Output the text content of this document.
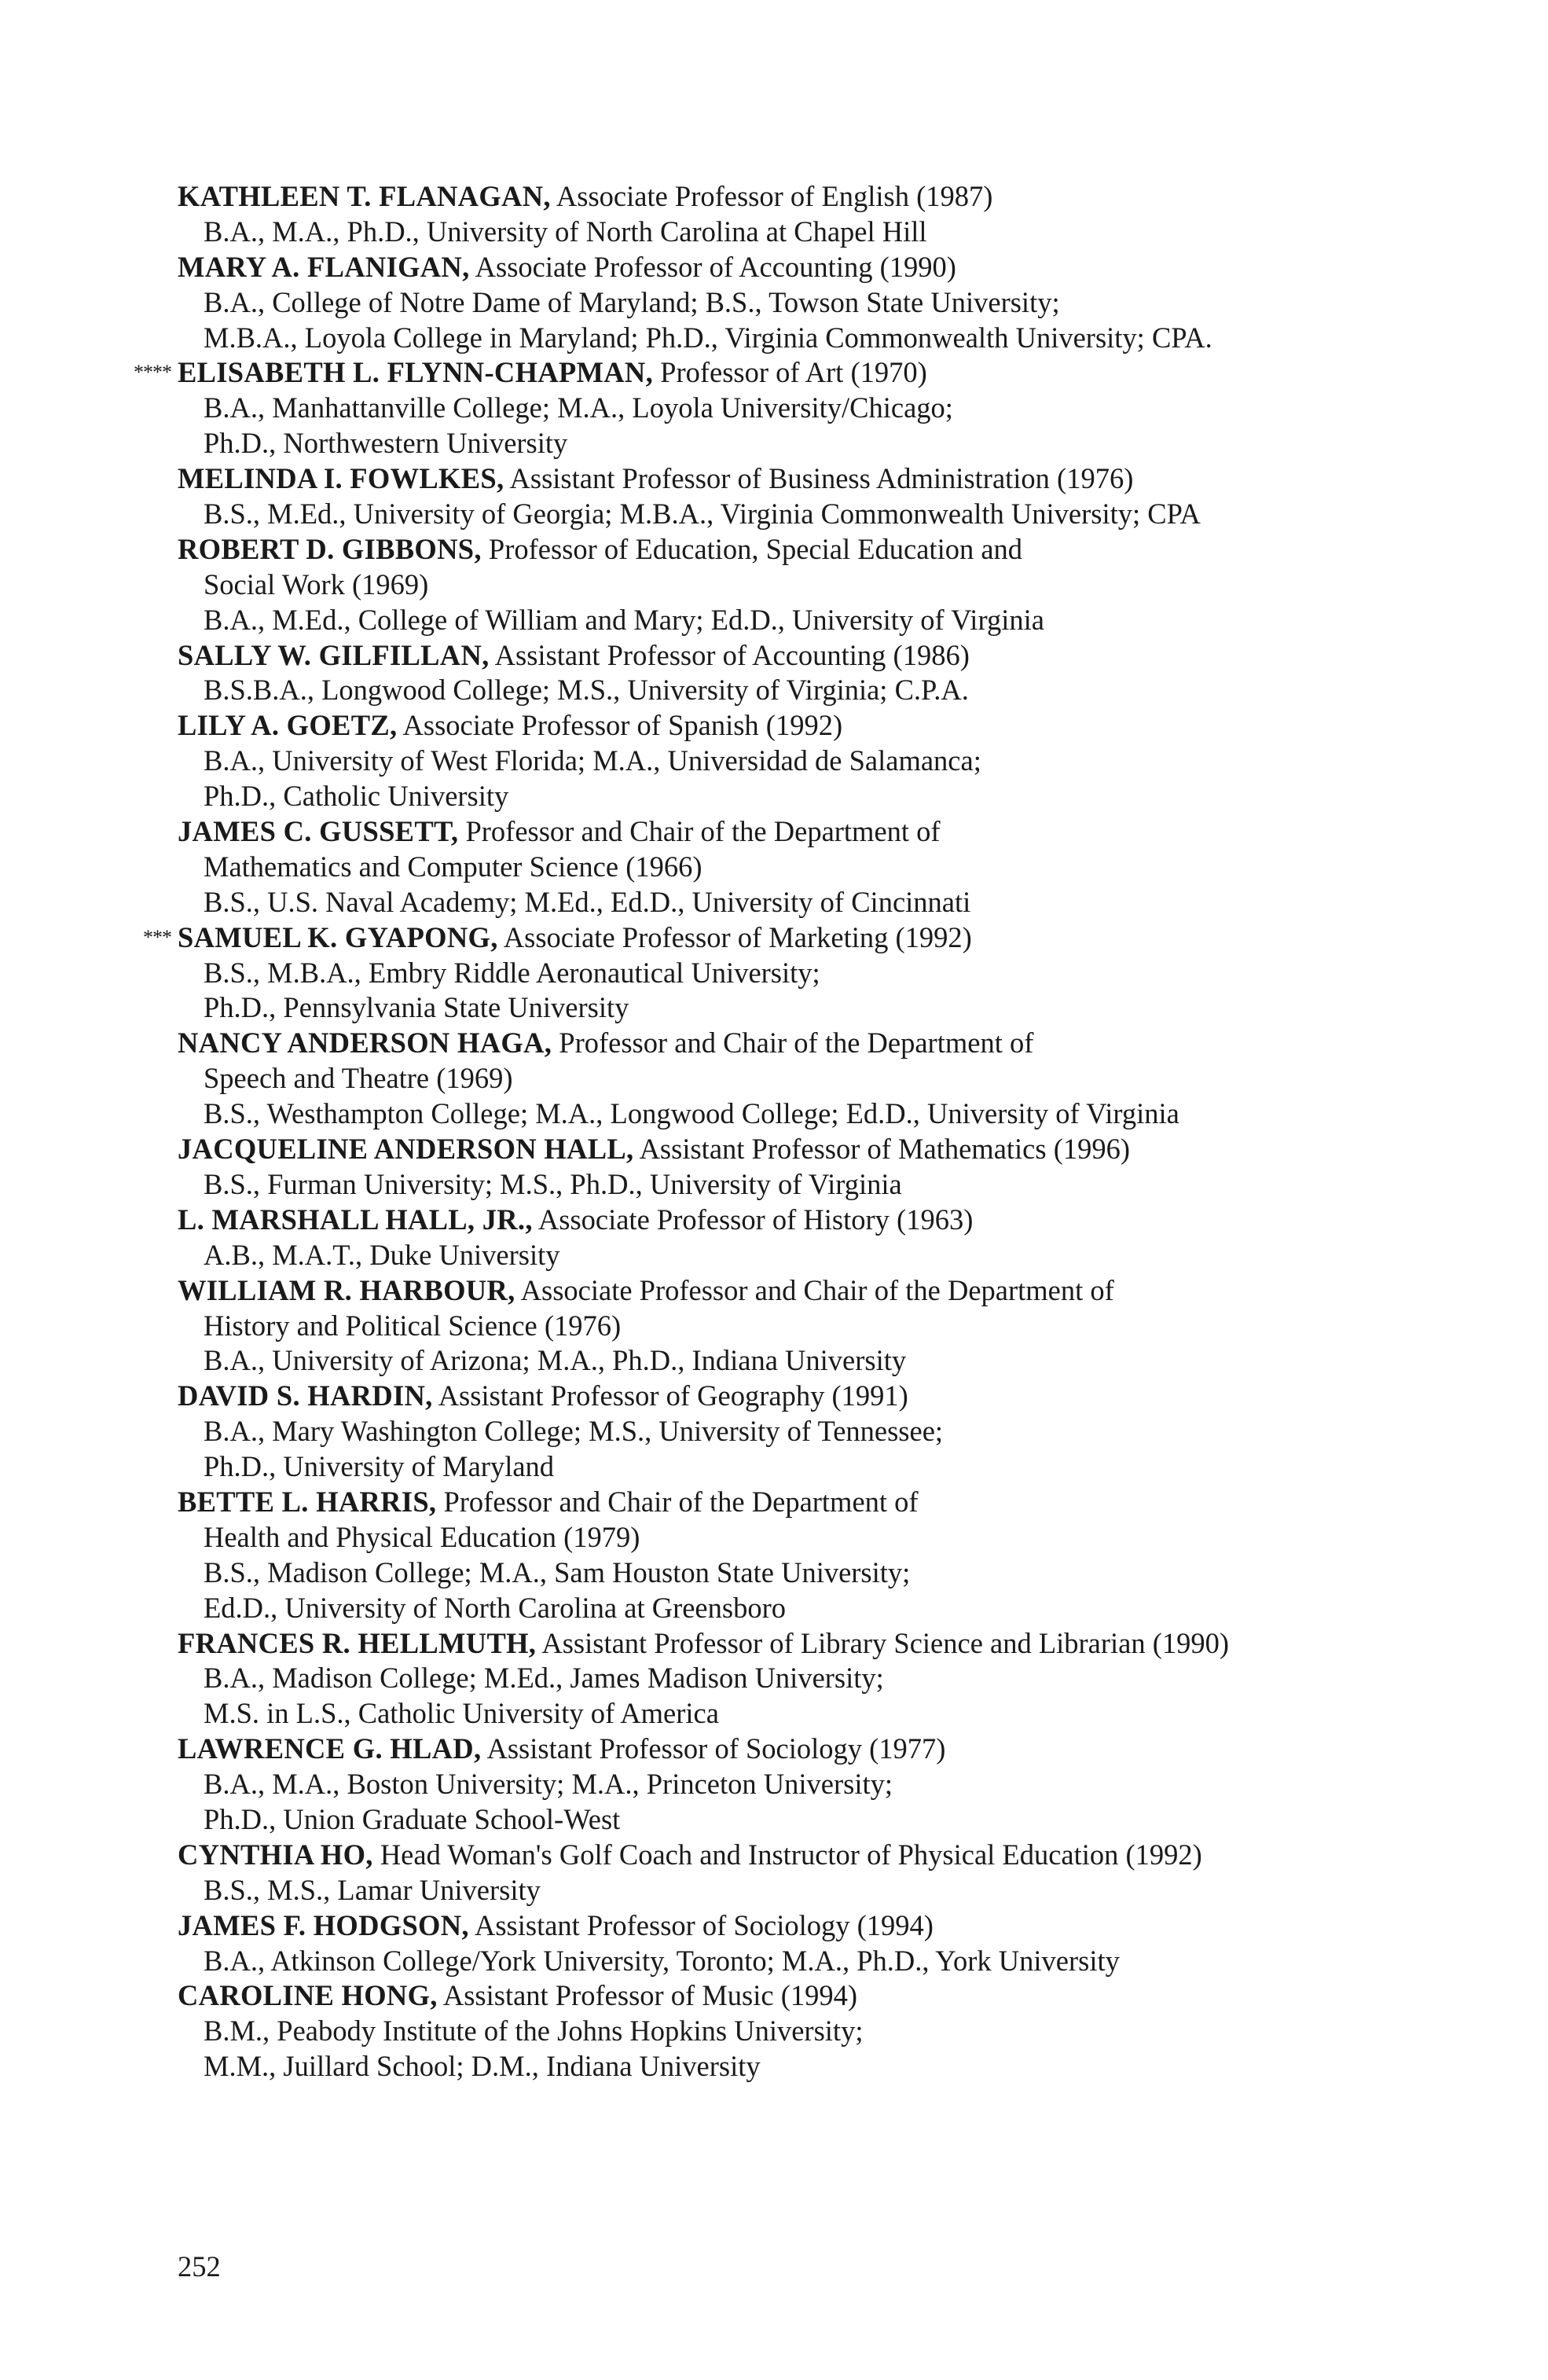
KATHLEEN T. FLANAGAN, Associate Professor of English (1987)
B.A., M.A., Ph.D., University of North Carolina at Chapel Hill
MARY A. FLANIGAN, Associate Professor of Accounting (1990)
B.A., College of Notre Dame of Maryland; B.S., Towson State University;
M.B.A., Loyola College in Maryland; Ph.D., Virginia Commonwealth University; CPA.
**** ELISABETH L. FLYNN-CHAPMAN, Professor of Art (1970)
B.A., Manhattanville College; M.A., Loyola University/Chicago;
Ph.D., Northwestern University
MELINDA I. FOWLKES, Assistant Professor of Business Administration (1976)
B.S., M.Ed., University of Georgia; M.B.A., Virginia Commonwealth University; CPA
ROBERT D. GIBBONS, Professor of Education, Special Education and
Social Work (1969)
B.A., M.Ed., College of William and Mary; Ed.D., University of Virginia
SALLY W. GILFILLAN, Assistant Professor of Accounting (1986)
B.S.B.A., Longwood College; M.S., University of Virginia; C.P.A.
LILY A. GOETZ, Associate Professor of Spanish (1992)
B.A., University of West Florida; M.A., Universidad de Salamanca;
Ph.D., Catholic University
JAMES C. GUSSETT, Professor and Chair of the Department of
Mathematics and Computer Science (1966)
B.S., U.S. Naval Academy; M.Ed., Ed.D., University of Cincinnati
*** SAMUEL K. GYAPONG, Associate Professor of Marketing (1992)
B.S., M.B.A., Embry Riddle Aeronautical University;
Ph.D., Pennsylvania State University
NANCY ANDERSON HAGA, Professor and Chair of the Department of
Speech and Theatre (1969)
B.S., Westhampton College; M.A., Longwood College; Ed.D., University of Virginia
JACQUELINE ANDERSON HALL, Assistant Professor of Mathematics (1996)
B.S., Furman University; M.S., Ph.D., University of Virginia
L. MARSHALL HALL, JR., Associate Professor of History (1963)
A.B., M.A.T., Duke University
WILLIAM R. HARBOUR, Associate Professor and Chair of the Department of
History and Political Science (1976)
B.A., University of Arizona; M.A., Ph.D., Indiana University
DAVID S. HARDIN, Assistant Professor of Geography (1991)
B.A., Mary Washington College; M.S., University of Tennessee;
Ph.D., University of Maryland
BETTE L. HARRIS, Professor and Chair of the Department of
Health and Physical Education (1979)
B.S., Madison College; M.A., Sam Houston State University;
Ed.D., University of North Carolina at Greensboro
FRANCES R. HELLMUTH, Assistant Professor of Library Science and Librarian (1990)
B.A., Madison College; M.Ed., James Madison University;
M.S. in L.S., Catholic University of America
LAWRENCE G. HLAD, Assistant Professor of Sociology (1977)
B.A., M.A., Boston University; M.A., Princeton University;
Ph.D., Union Graduate School-West
CYNTHIA HO, Head Woman's Golf Coach and Instructor of Physical Education (1992)
B.S., M.S., Lamar University
JAMES F. HODGSON, Assistant Professor of Sociology (1994)
B.A., Atkinson College/York University, Toronto; M.A., Ph.D., York University
CAROLINE HONG, Assistant Professor of Music (1994)
B.M., Peabody Institute of the Johns Hopkins University;
M.M., Juillard School; D.M., Indiana University
252
